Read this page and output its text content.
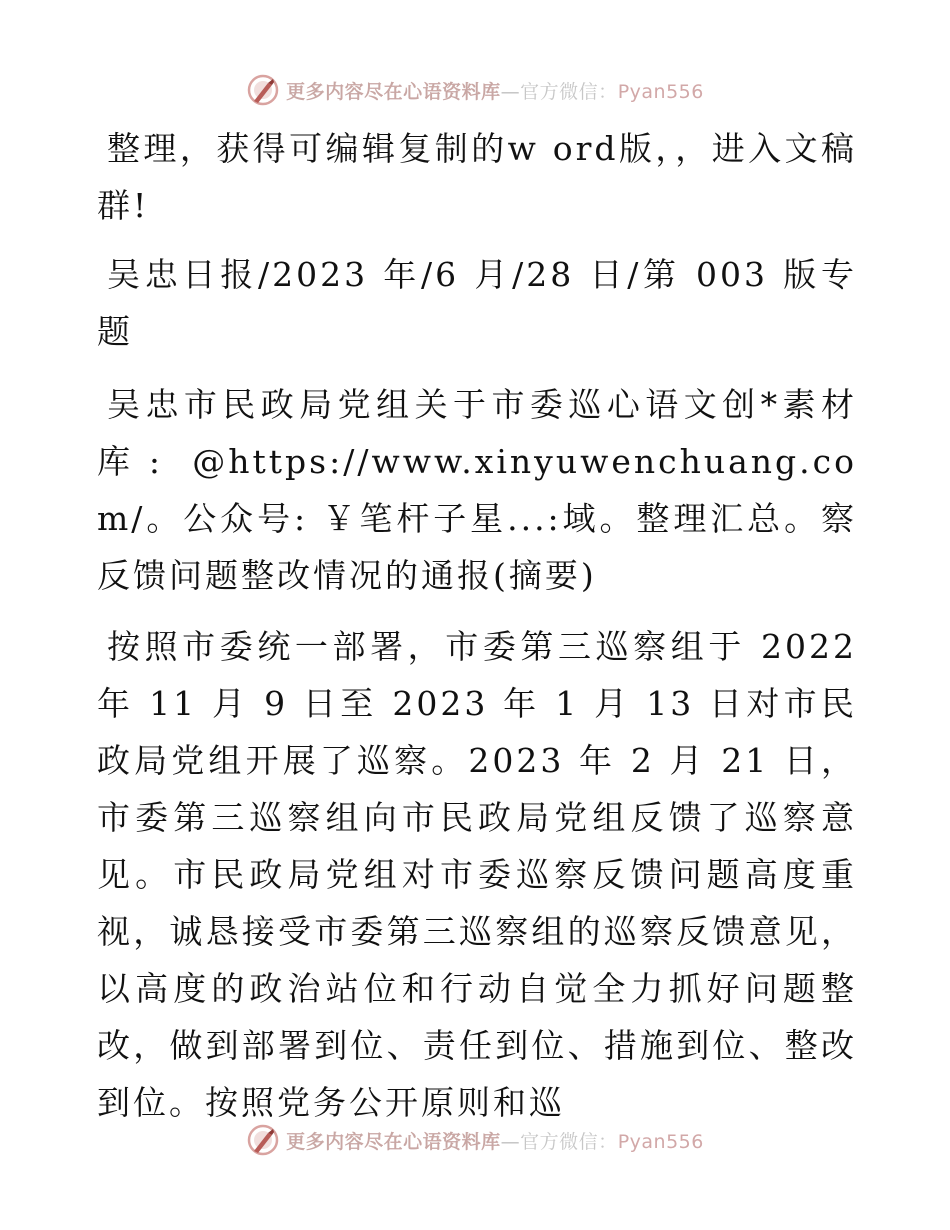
更多内容尽在心语资料库—官方微信：Pyan556

整理，获得可编辑复制的w ord版，，进入文稿群!

吴忠日报/2023 年/6 月/28 日/第 003 版专题

吴忠市民政局党组关于市委巡心语文创*素材库: @https://www.xinyuwenchuang.com/。公众号: ￥笔杆子星...:域。整理汇总。察反馈问题整改情况的通报(摘要)

按照市委统一部署，市委第三巡察组于 2022 年 11 月 9 日至 2023 年 1 月 13 日对市民政局党组开展了巡察。2023 年 2 月 21 日，市委第三巡察组向市民政局党组反馈了巡察意见。市民政局党组对市委巡察反馈问题高度重视，诚恳接受市委第三巡察组的巡察反馈意见，以高度的政治站位和行动自觉全力抓好问题整改，做到部署到位、责任到位、措施到位、整改到位。按照党务公开原则和巡

更多内容尽在心语资料库—官方微信：Pyan556
